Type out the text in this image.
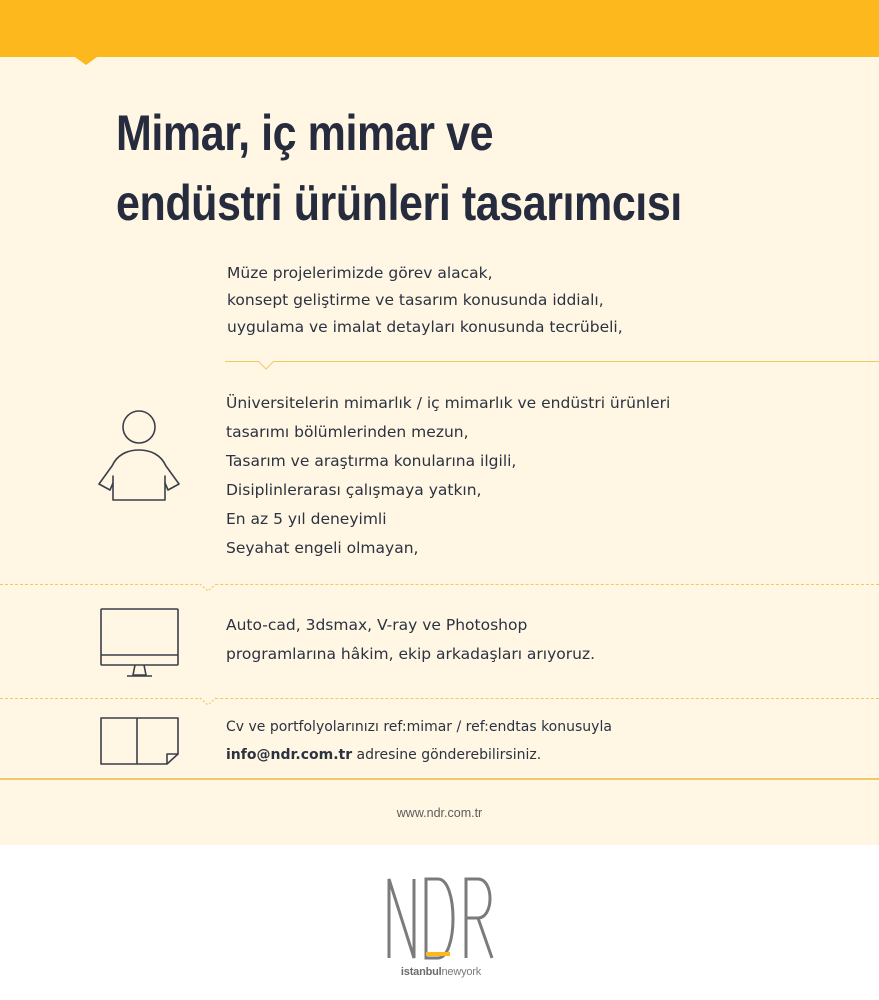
Mimar, iç mimar ve
endüstri ürünleri tasarımcısı
Müze projelerimizde görev alacak,
konsept geliştirme ve tasarım konusunda iddialı,
uygulama ve imalat detayları konusunda tecrübeli,
Üniversitelerin mimarlık / iç mimarlık ve endüstri ürünleri
tasarımı bölümlerinden mezun,
Tasarım ve araştırma konularına ilgili,
Disiplinlerarası çalışmaya yatkın,
En az 5 yıl deneyimli
Seyahat engeli olmayan,
Auto-cad, 3dsmax, V-ray ve Photoshop
programlarına hâkim, ekip arkadaşları arıyoruz.
Cv ve portfolyolarınızı ref:mimar / ref:endtas konusuyla
info@ndr.com.tr adresine gönderebilirsiniz.
www.ndr.com.tr
istanbulnewyork
